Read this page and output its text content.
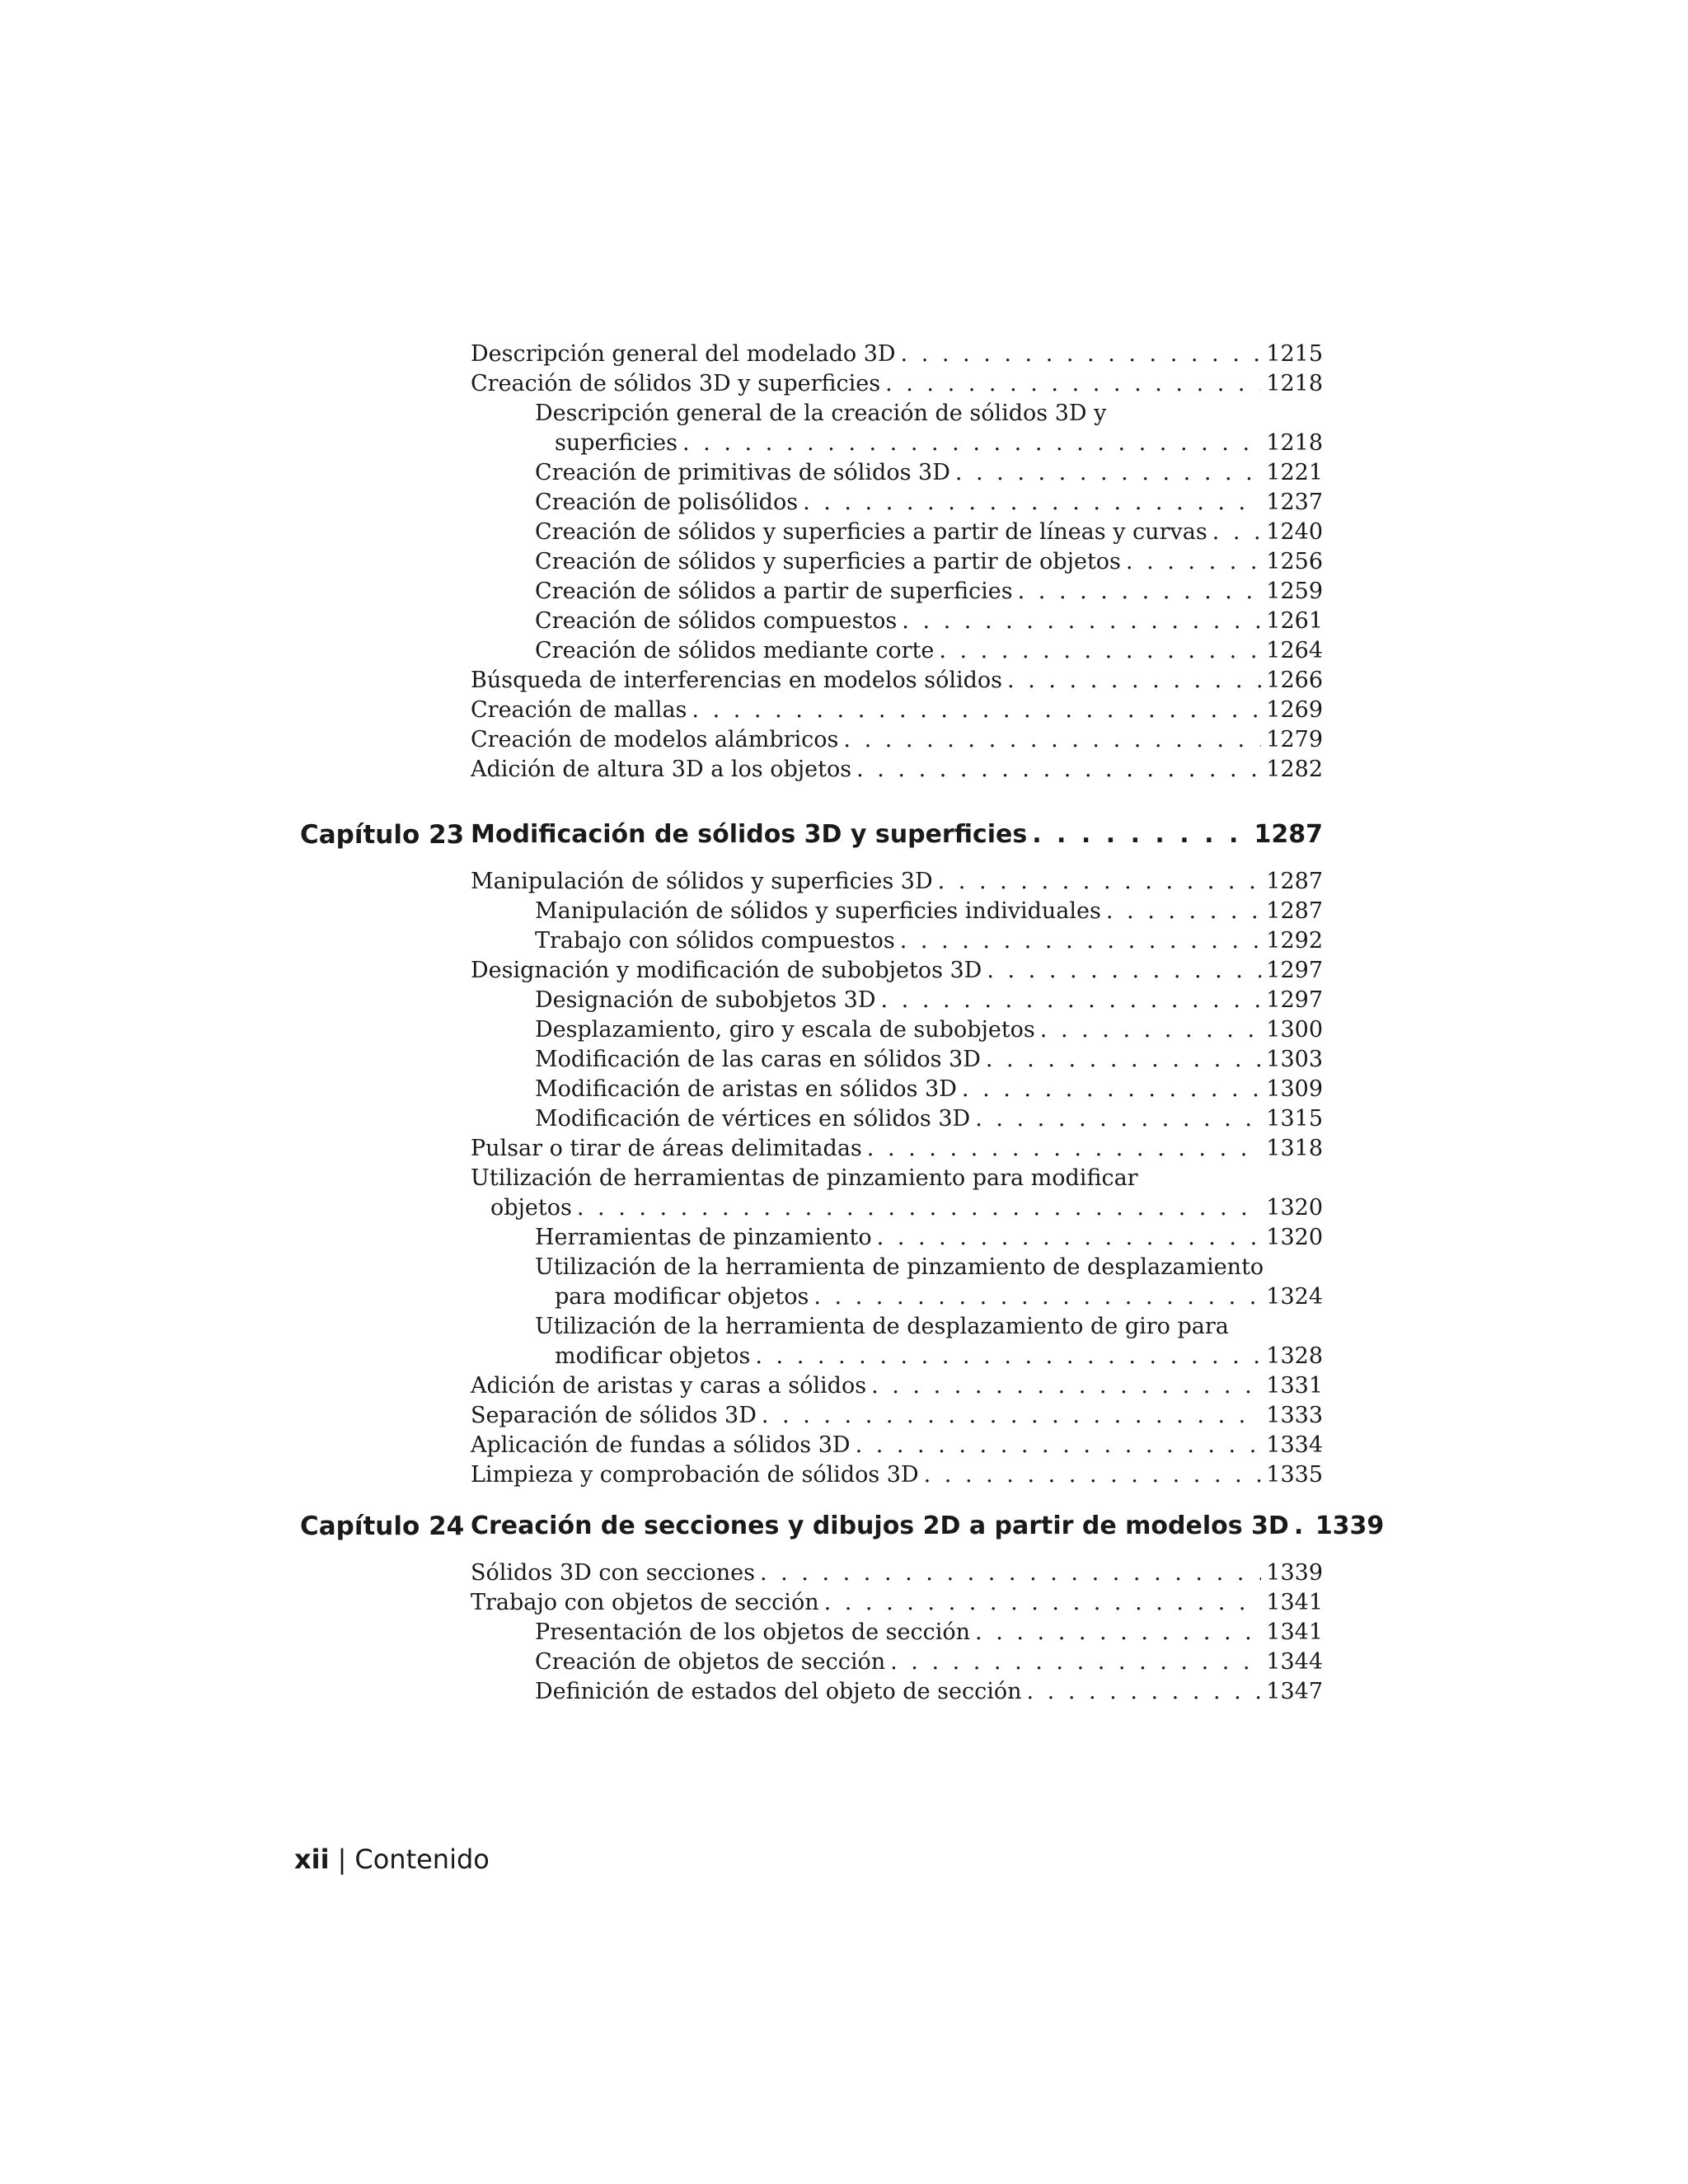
Descripción general del modelado 3D . . .	1215
Creación de sólidos 3D y superficies . . .	1218
Descripción general de la creación de sólidos 3D y
superficies . . .	1218
Creación de primitivas de sólidos 3D . . .	1221
Creación de polisólidos . . .	1237
Creación de sólidos y superficies a partir de líneas y curvas . . .	1240
Creación de sólidos y superficies a partir de objetos . . .	1256
Creación de sólidos a partir de superficies . . .	1259
Creación de sólidos compuestos . . .	1261
Creación de sólidos mediante corte . . .	1264
Búsqueda de interferencias en modelos sólidos . . .	1266
Creación de mallas . . .	1269
Creación de modelos alámbricos . . .	1279
Adición de altura 3D a los objetos . . .	1282
Capítulo 23 Modificación de sólidos 3D y superficies . . .	1287
Manipulación de sólidos y superficies 3D . . .	1287
Manipulación de sólidos y superficies individuales . . .	1287
Trabajo con sólidos compuestos . . .	1292
Designación y modificación de subobjetos 3D . . .	1297
Designación de subobjetos 3D . . .	1297
Desplazamiento, giro y escala de subobjetos . . .	1300
Modificación de las caras en sólidos 3D . . .	1303
Modificación de aristas en sólidos 3D . . .	1309
Modificación de vértices en sólidos 3D . . .	1315
Pulsar o tirar de áreas delimitadas . . .	1318
Utilización de herramientas de pinzamiento para modificar
objetos . . .	1320
Herramientas de pinzamiento . . .	1320
Utilización de la herramienta de pinzamiento de desplazamiento
para modificar objetos . . .	1324
Utilización de la herramienta de desplazamiento de giro para
modificar objetos . . .	1328
Adición de aristas y caras a sólidos . . .	1331
Separación de sólidos 3D . . .	1333
Aplicación de fundas a sólidos 3D . . .	1334
Limpieza y comprobación de sólidos 3D . . .	1335
Capítulo 24 Creación de secciones y dibujos 2D a partir de modelos 3D . . . 1339
Sólidos 3D con secciones . . .	1339
Trabajo con objetos de sección . . .	1341
Presentación de los objetos de sección . . .	1341
Creación de objetos de sección . . .	1344
Definición de estados del objeto de sección . . .	1347
xii | Contenido
